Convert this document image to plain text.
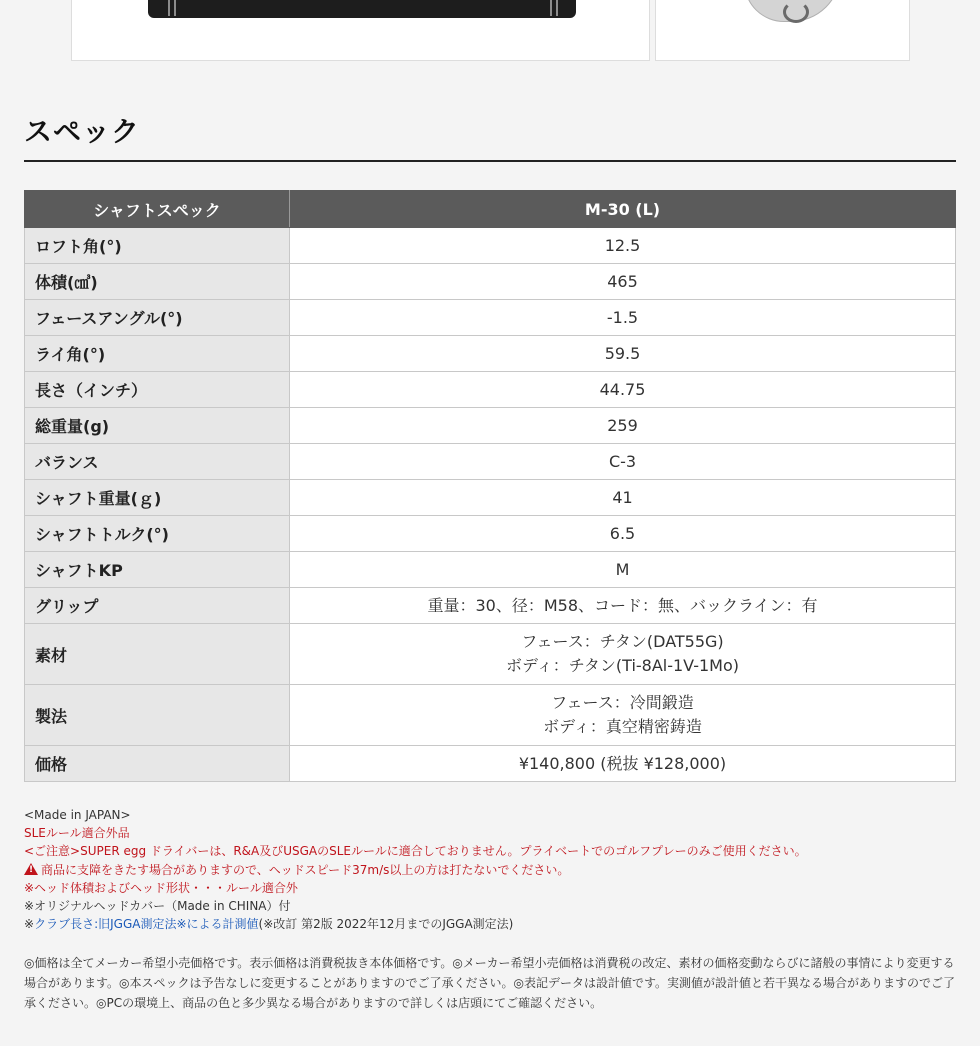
スペック
シャフトスペック	M-30 (L)
ロフト角(°)	12.5
体積(㎤)	465
フェースアングル(°)	-1.5
ライ角(°)	59.5
長さ（インチ）	44.75
総重量(g)	259
バランス	C-3
シャフト重量(ｇ)	41
シャフトトルク(°)	6.5
シャフトKP	M
グリップ	重量：30、径：M58、コード：無、バックライン：有
素材	フェース：チタン(DAT55G)
ボディ：チタン(Ti-8Al-1V-1Mo)

製法	フェース：冷間鍛造
ボディ：真空精密鋳造

価格	¥140,800 (税抜 ¥128,000)
<Made in JAPAN>
SLEルール適合外品
<ご注意>SUPER egg ドライバーは、R&A及びUSGAのSLEルールに適合しておりません。プライベートでのゴルフプレーのみご使用ください。
! 商品に支障をきたす場合がありますので、ヘッドスピード37m/s以上の方は打たないでください。
※ヘッド体積およびヘッド形状・・・ルール適合外
※オリジナルヘッドカバー（Made in CHINA）付
※クラブ長さ:旧JGGA測定法※による計測値(※改訂 第2版 2022年12月までのJGGA測定法)
◎価格は全てメーカー希望小売価格です。表示価格は消費税抜き本体価格です。◎メーカー希望小売価格は消費税の改定、素材の価格変動ならびに諸般の事情により変更する
場合があります。◎本スペックは予告なしに変更することがありますのでご了承ください。◎表記データは設計値です。実測値が設計値と若干異なる場合がありますのでご了
承ください。◎PCの環境上、商品の色と多少異なる場合がありますので詳しくは店頭にてご確認ください。
